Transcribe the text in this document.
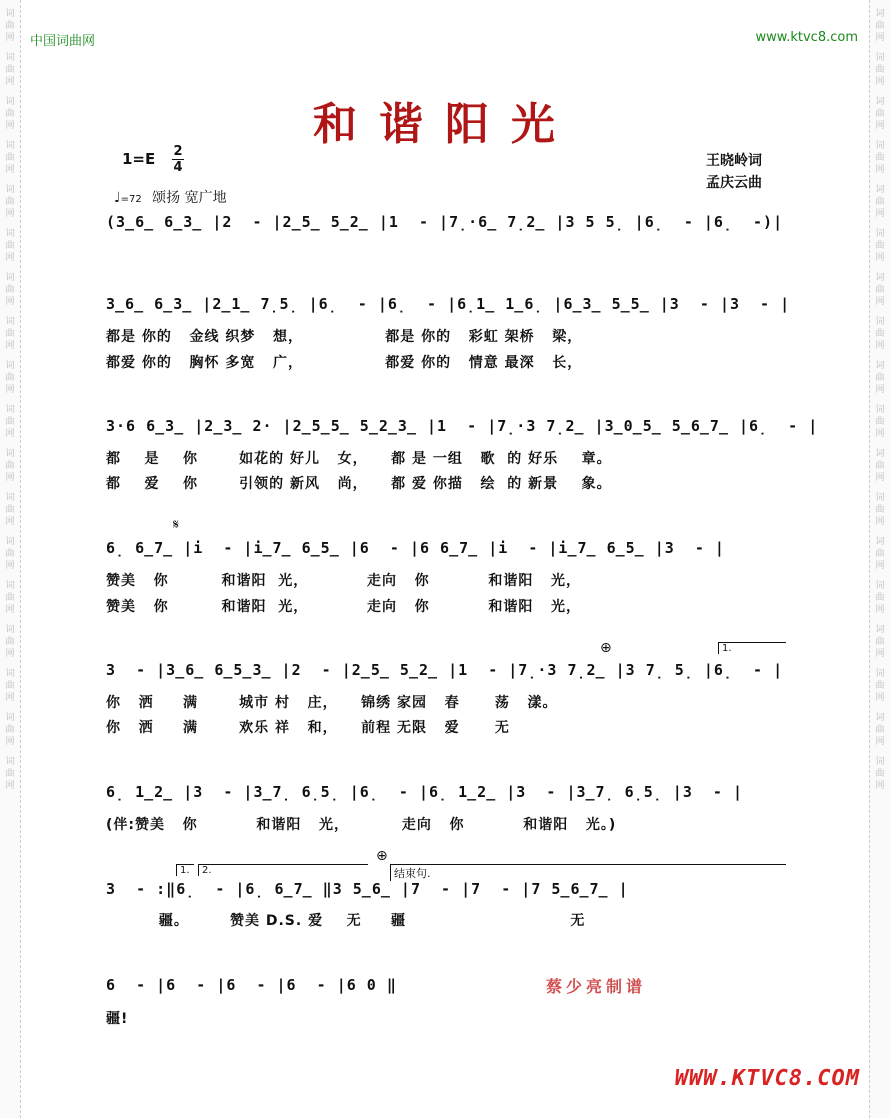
词
曲
网
词
曲
网
词
曲
网
词
曲
网
词
曲
网
词
曲
网
词
曲
网
词
曲
网
词
曲
网
词
曲
网
词
曲
网
词
曲
网
词
曲
网
词
曲
网
词
曲
网
词
曲
网
词
曲
网
词
曲
网
词
曲
网
词
曲
网
词
曲
网
词
曲
网
词
曲
网
词
曲
网
词
曲
网
词
曲
网
词
曲
网
词
曲
网
词
曲
网
词
曲
网
词
曲
网
词
曲
网
词
曲
网
词
曲
网
词
曲
网
词
曲
网
中国词曲网	www.ktvc8.com
和谐阳光
1=E 2
4
♩=72 颂扬 宽广地
王晓岭词
孟庆云曲
(3̲6̲ 6̲3̲ |2  - |2̲5̲ 5̲2̲ |1  - |7̣·6̲ 7̣2̲ |3 5 5̣ |6̣  - |6̣  -)|
3̲6̲ 6̲3̲ |2̲1̲ 7̣5̣ |6̣  - |6̣  - |6̣1̲ 1̲6̣ |6̲3̲ 5̲5̲ |3  - |3  - |
都是 你的   金线 织梦   想，              都是 你的   彩虹 架桥   梁，
都爱 你的   胸怀 多宽   广，              都爱 你的   情意 最深   长，
3·6 6̲3̲ |2̲3̲ 2· |2̲5̲5̲ 5̲2̲3̲ |1  - |7̣·3 7̣2̲ |3̲0̲5̲ 5̲6̲7̲ |6̣  - |
都    是    你       如花的 好儿   女，    都 是 一组   歌  的 好乐    章。
都    爱    你       引领的 新风   尚，    都 爱 你描   绘  的 新景    象。
𝄋
6̣ 6̲7̲ |i  - |i̲7̲ 6̲5̲ |6  - |6 6̲7̲ |i  - |i̲7̲ 6̲5̲ |3  - |
赞美   你         和谐阳  光，          走向   你          和谐阳   光，
赞美   你         和谐阳  光，          走向   你          和谐阳   光，
⊕	1.
3  - |3̲6̲ 6̲5̲3̲ |2  - |2̲5̲ 5̲2̲ |1  - |7̣·3 7̣2̲ |3 7̣ 5̣ |6̣  - |
你   洒     满       城市 村   庄，    锦绣 家园   春      荡   漾。
你   洒     满       欢乐 祥   和，    前程 无限   爱      无
6̣ 1̲2̲ |3  - |3̲7̣ 6̣5̣ |6̣  - |6̣ 1̲2̲ |3  - |3̲7̣ 6̣5̣ |3  - |
(伴:赞美   你          和谐阳   光，         走向   你          和谐阳   光。)
1.	2.
⊕
结束句.
3  - :‖6̣  - |6̣ 6̲7̲ ‖3 5̲6̲ |7  - |7  - |7 5̲6̲7̲ |
疆。       赞美 D.S. 爱    无     疆                            无
6  - |6  - |6  - |6  - |6 0 ‖
疆!
蔡少亮制谱
WWW.KTVC8.COM
